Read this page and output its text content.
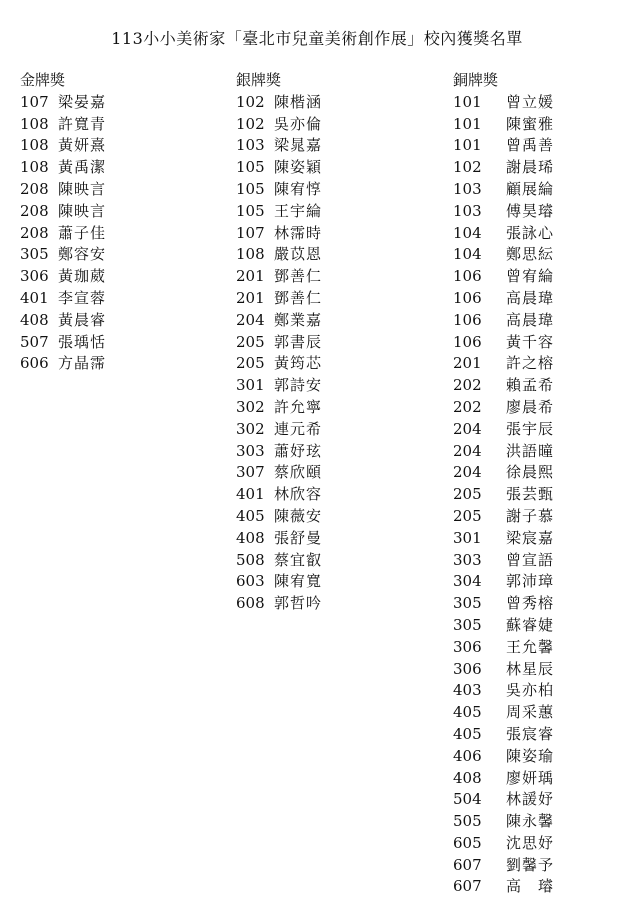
113小小美術家「臺北市兒童美術創作展」校內獲獎名單
金牌獎
107 梁晏嘉
108 許寬青
108 黃妍熹
108 黃禹潔
208 陳映言
208 陳映言
208 蕭子佳
305 鄭容安
306 黃珈葳
401 李宣蓉
408 黃晨睿
507 張瑀恬
606 方晶霈
銀牌獎
102 陳楷涵
102 吳亦倫
103 梁晁嘉
105 陳姿穎
105 陳宥惇
105 王宇綸
107 林霈時
108 嚴苡恩
201 鄧善仁
201 鄧善仁
204 鄭業嘉
205 郭書辰
205 黃筠芯
301 郭詩安
302 許允寧
302 連元希
303 蕭妤玹
307 蔡欣頤
401 林欣容
405 陳薇安
408 張舒曼
508 蔡宜叡
603 陳宥寬
608 郭哲吟
銅牌獎
101	曾立媛
101	陳蜜雅
101	曾禹善
102	謝晨琋
103	顧展綸
103	傅昊璿
104	張詠心
104	鄭思紜
106	曾宥綸
106	高晨瑋
106	高晨瑋
106	黃千容
201	許之榕
202	賴孟希
202	廖晨希
204	張宇辰
204	洪語曈
204	徐晨熙
205	張芸甄
205	謝子慕
301	梁宸嘉
303	曾宣語
304	郭沛璋
305	曾秀榕
305	蘇睿婕
306	王允馨
306	林星辰
403	吳亦柏
405	周采蕙
405	張宸睿
406	陳姿瑜
408	廖妍瑀
504	林諼妤
505	陳永馨
605	沈思妤
607	劉馨予
607	高　璿
